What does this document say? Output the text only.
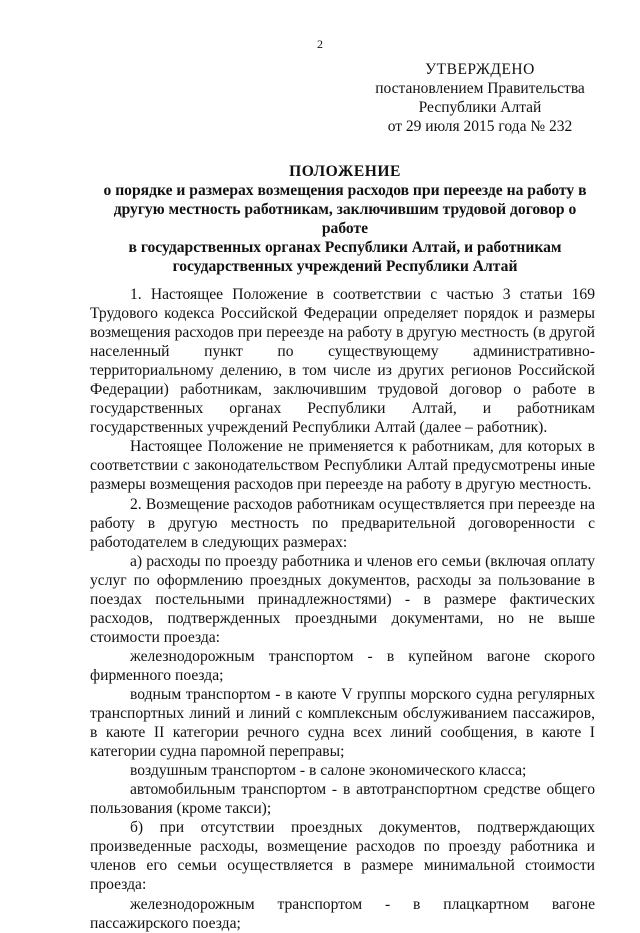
2
УТВЕРЖДЕНО
постановлением Правительства
Республики Алтай
от 29 июля 2015 года № 232
ПОЛОЖЕНИЕ
о порядке и размерах возмещения расходов при переезде на работу в
другую местность работникам, заключившим трудовой договор о работе
в государственных органах Республики Алтай, и работникам
государственных учреждений Республики Алтай

1. Настоящее Положение в соответствии с частью 3 статьи 169 Трудового кодекса Российской Федерации определяет порядок и размеры возмещения расходов при переезде на работу в другую местность (в другой населенный пункт по существующему административно-территориальному делению, в том числе из других регионов Российской Федерации) работникам, заключившим трудовой договор о работе в государственных органах Республики Алтай, и работникам государственных учреждений Республики Алтай (далее – работник).

Настоящее Положение не применяется к работникам, для которых в соответствии с законодательством Республики Алтай предусмотрены иные размеры возмещения расходов при переезде на работу в другую местность.

2. Возмещение расходов работникам осуществляется при переезде на работу в другую местность по предварительной договоренности с работодателем в следующих размерах:

а) расходы по проезду работника и членов его семьи (включая оплату услуг по оформлению проездных документов, расходы за пользование в поездах постельными принадлежностями) - в размере фактических расходов, подтвержденных проездными документами, но не выше стоимости проезда:

железнодорожным транспортом - в купейном вагоне скорого фирменного поезда;

водным транспортом - в каюте V группы морского судна регулярных транспортных линий и линий с комплексным обслуживанием пассажиров, в каюте II категории речного судна всех линий сообщения, в каюте I категории судна паромной переправы;

воздушным транспортом - в салоне экономического класса;

автомобильным транспортом - в автотранспортном средстве общего пользования (кроме такси);

б) при отсутствии проездных документов, подтверждающих произведенные расходы, возмещение расходов по проезду работника и членов его семьи осуществляется в размере минимальной стоимости проезда:

железнодорожным транспортом - в плацкартном вагоне пассажирского поезда;
